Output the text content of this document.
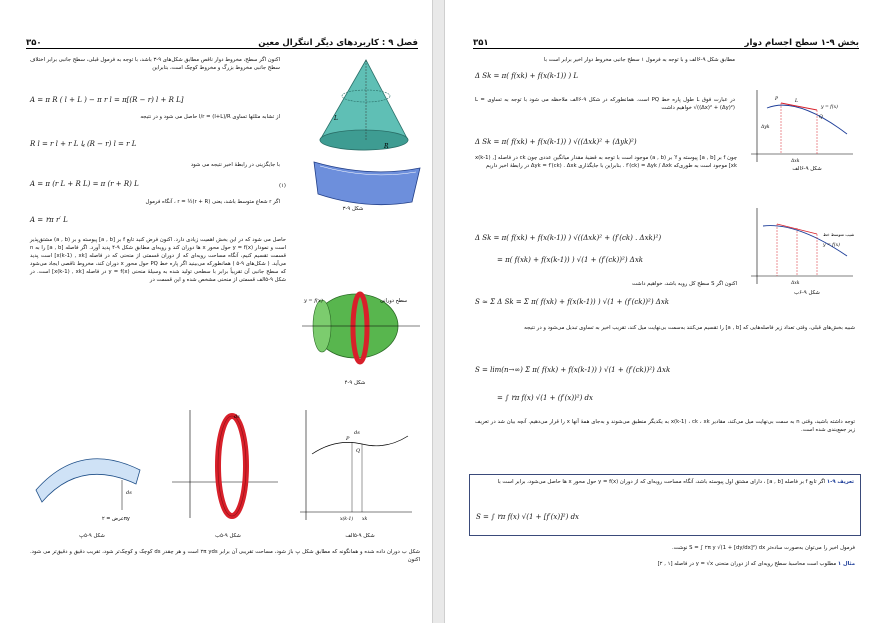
فصل ۹ : کاربردهای دیگر انتگرال معین
۳۵۰
اکنون اگر سطح، مخروط دوار ناقص مطابق شکل‌های ۹-۳ باشد، با توجه به فرمول قبلی، سطح جانبی برابر اختلاف سطح جانبی مخروط بزرگ و مخروط کوچک است، بنابراین
A = π R ( l + L ) − π r l = π[(R − r) l + R L]
از تشابه مثلثها تساوی l/r = (l+L)/R حاصل می شود و در نتیجه
R l = r l + r L یا (R − r) l = r L
با جایگزینی در رابطهٔ اخیر نتیجه می شود
A = π (r L + R L) = π (r + R) L	(۱)
اگر r شعاع متوسط باشد، یعنی r = ½(r + R) ، آنگاه فرمول
A = ۲π r′ L
حاصل می شود که در این بخش اهمیت زیادی دارد. اکنون فرض کنید تابع f بر [a , b] پیوسته و بر (a , b) مشتق‌پذیر است و نمودار y = f(x) حول محور x ها دوران کند و رویه‌ای مطابق شکل ۹-۴ پدید آورد. اگر فاصله [a , b] را به n قسمت تقسیم کنیم، آنگاه مساحت رویه‌ای که از دوران قسمتی از منحنی که در فاصله [x(k-1) , xk] است پدید می‌آید. ( شکل‌های ۹-۵ ) همانطورکه می‌بینید اگر پاره خط PQ حول محور x دوران کند، مخروط ناقصی ایجاد می‌شود که سطح جانبی آن تقریباً برابر با سطحی تولید شده به وسیلهٔ منحنی y = f(x) در فاصله [x(k-1) , xk] است. در شکل ۹-۵الف قسمتی از منحنی مشخص شده و این قسمت در
L
R
شکل ۹-۳
y = f(x)	سطح دورانی
شکل ۹-۴
عرض = ۲πy
ds
شکل ۹-۵پ
ds
شکل ۹-۵ب
P
Q
ds
x(k-1) xk
شکل ۹-۵الف
شکل ب دوران داده شده و همانگونه که مطابق شکل پ باز شود، مساحت تقریبی آن برابر ۲π yds است و هر چقدر ds کوچک و کوچک‌تر شود، تقریب دقیق و دقیق‌تر می شود. اکنون
بخش ۹-۱ سطح اجسام دوار
۳۵۱
مطابق شکل ۹-۶الف و با توجه به فرمول ۱ سطح جانبی مخروط دوار اخیر برابر است با
Δ Sk = π( f(xk) + f(x(k-1)) ) L
در عبارت فوق L طول پاره خط PQ است. همانطورکه در شکل ۹-۶الف ملاحظه می شود با توجه به تساوی L = √((Δx)² + (Δy)²) خواهیم داشت
Δ Sk = π( f(xk) + f(x(k-1)) ) √((Δxk)² + (Δyk)²)
چون f بر [a , b] پیوسته و f′ بر (a , b) موجود است با توجه به قضیهٔ مقدار میانگین عددی چون ck در فاصله [x(k-1) , xk] موجود است به طوری‌که f′(ck) = Δyk / Δxk . بنابراین با جایگذاری Δyk = f′(ck) . Δxk در رابطهٔ اخیر داریم
Δ Sk = π( f(xk) + f(x(k-1)) ) √((Δxk)² + (f′(ck) . Δxk)²)
= π( f(xk) + f(x(k-1)) ) √(1 + (f′(ck))²) Δxk
اکنون اگر S سطح کل رویه باشد، خواهیم داشت
S ≈ Σ Δ Sk = Σ π( f(xk) + f(x(k-1)) ) √(1 + (f′(ck))²) Δxk
شبیه بخش‌های قبلی، وقتی تعداد زیر فاصله‌هایی که [a , b] را تقسیم می‌کنند به‌سمت بی‌نهایت میل کند، تقریب اخیر به تساوی تبدیل می‌شود و در نتیجه
S = lim(n→∞) Σ π( f(xk) + f(x(k-1)) ) √(1 + (f′(ck))²) Δxk
= ∫ ۲π f(x) √(1 + (f′(x))²) dx
توجه داشته باشید، وقتی n به سمت بی‌نهایت میل می‌کند، مقادیر x(k-1) ، ck ، xk به یکدیگر منطبق می‌شوند و به‌جای همهٔ آنها x را قرار می‌دهیم. آنچه بیان شد در تعریف زیر جمع‌بندی شده است.
تعریف ۹-۱ اگر تابع f بر فاصله [a , b] ، دارای مشتق اول پیوسته باشد، آنگاه مساحت رویه‌ای که از دوران y = f(x) حول محور x ها حاصل می‌شود، برابر است با
S = ∫ ۲π f(x) √(1 + [f′(x)]²) dx
فرمول اخیر را می‌توان به‌صورت ساده‌تر S = ∫ ۲π y √(1 + [dy/dx]²) dx نوشت.
مثال ۱ مطلوب است محاسبهٔ سطح رویه‌ای که از دوران منحنی y = √x در فاصله [۱ , ۲]
y = f(x)
L
P
Q
Δxk
Δyk
شکل ۹-۶الف
y = f(x)
شیب متوسط خط
Δxk
شکل ۹-۶ب
